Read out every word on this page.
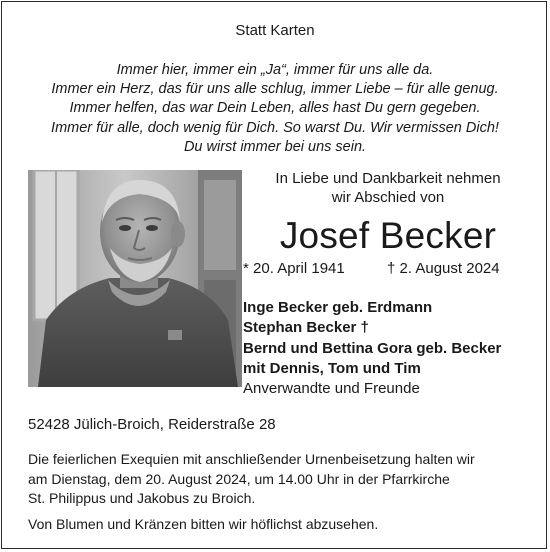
Statt Karten
Immer hier, immer ein „Ja“, immer für uns alle da.
Immer ein Herz, das für uns alle schlug, immer Liebe – für alle genug.
Immer helfen, das war Dein Leben, alles hast Du gern gegeben.
Immer für alle, doch wenig für Dich. So warst Du. Wir vermissen Dich!
Du wirst immer bei uns sein.
In Liebe und Dankbarkeit nehmen
wir Abschied von
Josef Becker
* 20. April 1941	† 2. August 2024
Inge Becker geb. Erdmann
Stephan Becker †
Bernd und Bettina Gora geb. Becker
mit Dennis, Tom und Tim
Anverwandte und Freunde
52428 Jülich-Broich, Reiderstraße 28
Die feierlichen Exequien mit anschließender Urnenbeisetzung halten wir
am Dienstag, dem 20. August 2024, um 14.00 Uhr in der Pfarrkirche
St. Philippus und Jakobus zu Broich.
Von Blumen und Kränzen bitten wir höflichst abzusehen.
